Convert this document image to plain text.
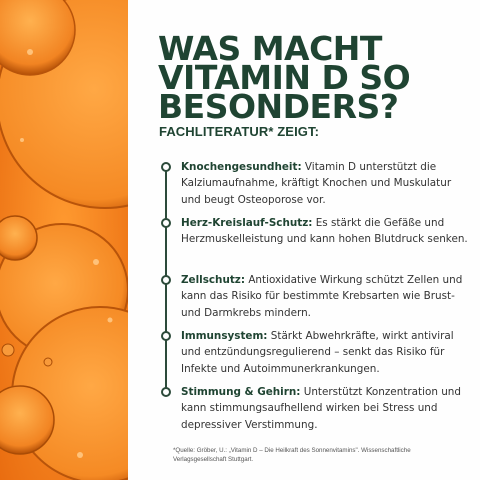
WAS MACHT
VITAMIN D SO
BESONDERS?
FACHLITERATUR* ZEIGT:

Knochengesundheit: Vitamin D unterstützt die Kalziumaufnahme, kräftigt Knochen und Muskulatur und beugt Osteoporose vor.

Herz-Kreislauf-Schutz: Es stärkt die Gefäße und Herzmuskelleistung und kann hohen Blutdruck senken.

Zellschutz: Antioxidative Wirkung schützt Zellen und kann das Risiko für bestimmte Krebsarten wie Brust- und Darmkrebs mindern.

Immunsystem: Stärkt Abwehrkräfte, wirkt antiviral und entzündungsregulierend – senkt das Risiko für Infekte und Autoimmunerkrankungen.

Stimmung & Gehirn: Unterstützt Konzentration und kann stimmungsaufhellend wirken bei Stress und depressiver Verstimmung.

*Quelle: Gröber, U.: „Vitamin D – Die Heilkraft des Sonnenvitamins". Wissenschaftliche Verlagsgesellschaft Stuttgart.
